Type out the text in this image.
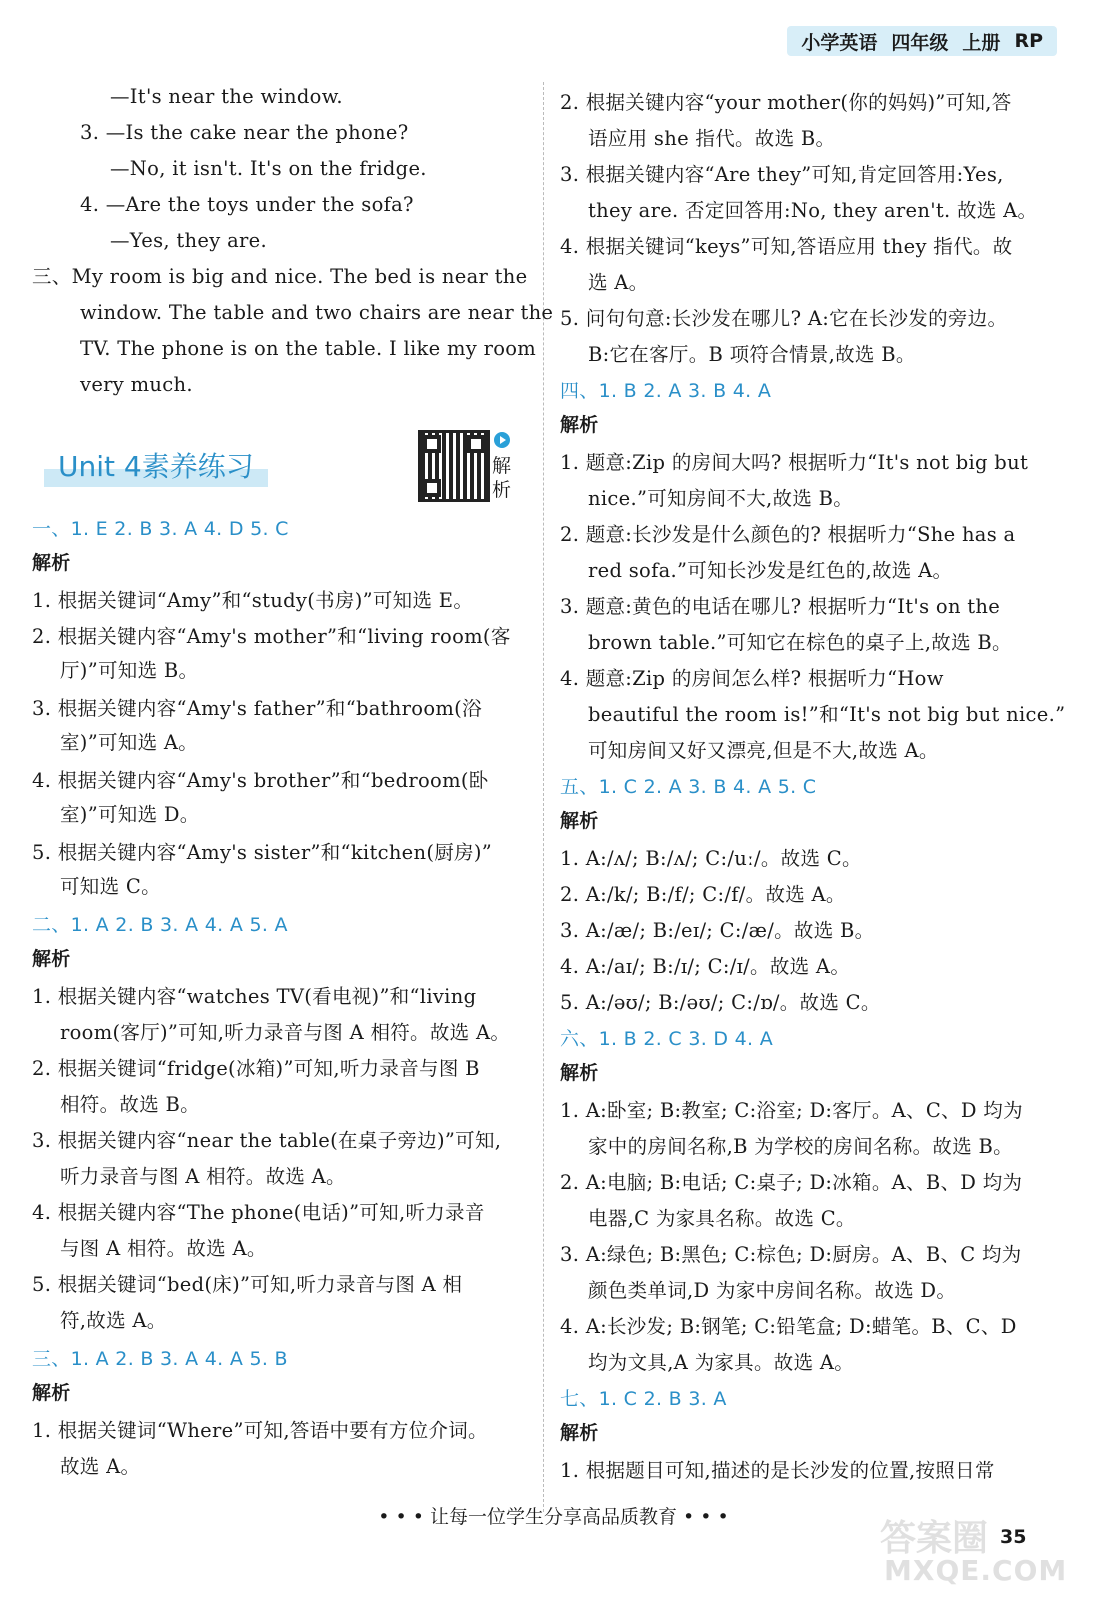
小学英语 四年级 上册 RP
Unit 4素养练习	解析
—It's near the window.
3. —Is the cake near the phone?
—No, it isn't. It's on the fridge.
4. —Are the toys under the sofa?
—Yes, they are.
三、My room is big and nice. The bed is near the
window. The table and two chairs are near the
TV. The phone is on the table. I like my room
very much.
一、1. E 2. B 3. A 4. D 5. C
解析
1. 根据关键词“Amy”和“study(书房)”可知选 E。
2. 根据关键内容“Amy's mother”和“living room(客
厅)”可知选 B。
3. 根据关键内容“Amy's father”和“bathroom(浴
室)”可知选 A。
4. 根据关键内容“Amy's brother”和“bedroom(卧
室)”可知选 D。
5. 根据关键内容“Amy's sister”和“kitchen(厨房)”
可知选 C。
二、1. A 2. B 3. A 4. A 5. A
解析
1. 根据关键内容“watches TV(看电视)”和“living
room(客厅)”可知,听力录音与图 A 相符。故选 A。
2. 根据关键词“fridge(冰箱)”可知,听力录音与图 B
相符。故选 B。
3. 根据关键内容“near the table(在桌子旁边)”可知,
听力录音与图 A 相符。故选 A。
4. 根据关键内容“The phone(电话)”可知,听力录音
与图 A 相符。故选 A。
5. 根据关键词“bed(床)”可知,听力录音与图 A 相
符,故选 A。
三、1. A 2. B 3. A 4. A 5. B
解析
1. 根据关键词“Where”可知,答语中要有方位介词。
故选 A。
2. 根据关键内容“your mother(你的妈妈)”可知,答
语应用 she 指代。故选 B。
3. 根据关键内容“Are they”可知,肯定回答用:Yes,
they are. 否定回答用:No, they aren't. 故选 A。
4. 根据关键词“keys”可知,答语应用 they 指代。故
选 A。
5. 问句句意:长沙发在哪儿? A:它在长沙发的旁边。
B:它在客厅。B 项符合情景,故选 B。
四、1. B 2. A 3. B 4. A
解析
1. 题意:Zip 的房间大吗? 根据听力“It's not big but
nice.”可知房间不大,故选 B。
2. 题意:长沙发是什么颜色的? 根据听力“She has a
red sofa.”可知长沙发是红色的,故选 A。
3. 题意:黄色的电话在哪儿? 根据听力“It's on the
brown table.”可知它在棕色的桌子上,故选 B。
4. 题意:Zip 的房间怎么样? 根据听力“How
beautiful the room is!”和“It's not big but nice.”
可知房间又好又漂亮,但是不大,故选 A。
五、1. C 2. A 3. B 4. A 5. C
解析
1. A:/ʌ/; B:/ʌ/; C:/uː/。故选 C。
2. A:/k/; B:/f/; C:/f/。故选 A。
3. A:/æ/; B:/eɪ/; C:/æ/。故选 B。
4. A:/aɪ/; B:/ɪ/; C:/ɪ/。故选 A。
5. A:/əʊ/; B:/əʊ/; C:/ɒ/。故选 C。
六、1. B 2. C 3. D 4. A
解析
1. A:卧室; B:教室; C:浴室; D:客厅。A、C、D 均为
家中的房间名称,B 为学校的房间名称。故选 B。
2. A:电脑; B:电话; C:桌子; D:冰箱。A、B、D 均为
电器,C 为家具名称。故选 C。
3. A:绿色; B:黑色; C:棕色; D:厨房。A、B、C 均为
颜色类单词,D 为家中房间名称。故选 D。
4. A:长沙发; B:钢笔; C:铅笔盒; D:蜡笔。B、C、D
均为文具,A 为家具。故选 A。
七、1. C 2. B 3. A
解析
1. 根据题目可知,描述的是长沙发的位置,按照日常
• • • 让每一位学生分享高品质教育 • • •
35
答案圈
MXQE.COM
